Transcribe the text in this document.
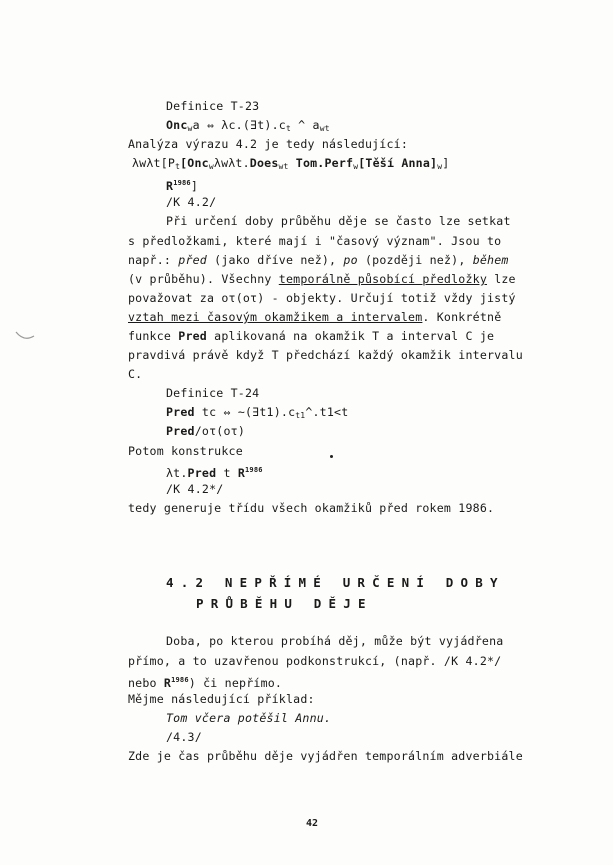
Definice T-23
Onc$_w$a ⇔ $\lambda c.(\exists t).c_t$ ^ $a_{wt}$
Analýza výrazu 4.2 je tedy následující:
$\lambda w\lambda t[P_t[Onc_w\lambda w\lambda t.Does_{wt}$ Tom.Perf$_w$[Těší $Anna]_w$]
$R^{1986}$]
/K 4.2/
Při určení doby průběhu děje se často lze setkat
s předložkami, které mají i "časový význam". Jsou to
např.: před (jako dříve než), po (později než), během
(v průběhu). Všechny temporálně působící předložky lze
považovat za οτ(οτ) - objekty. Určují totiž vždy jistý
vztah mezi časovým okamžikem a intervalem. Konkrétně
funkce Pred aplikovaná na okamžik T a interval C je
pravdivá právě když T předchází každý okamžik intervalu
C.
Definice T-24
Pred tc ⇔ $\sim(\exists t1).c_{t1}\^{}.t1<t$
Pred/οτ(οτ)
Potom konstrukce
λt.Pred t $R^{1986}$
/K 4.2*/
tedy generuje třídu všech okamžiků před rokem 1986.
4.2 NEPŘÍMÉ URČENÍ DOBY
PRŮBĚHU DĚJE
Doba, po kterou probíhá děj, může být vyjádřena
přímo, a to uzavřenou podkonstrukcí, (např. /K 4.2*/
nebo $R^{1986}$) či nepřímo.
Mějme následující příklad:
Tom včera potěšil Annu.
/4.3/
Zde je čas průběhu děje vyjádřen temporálním adverbiále
42
